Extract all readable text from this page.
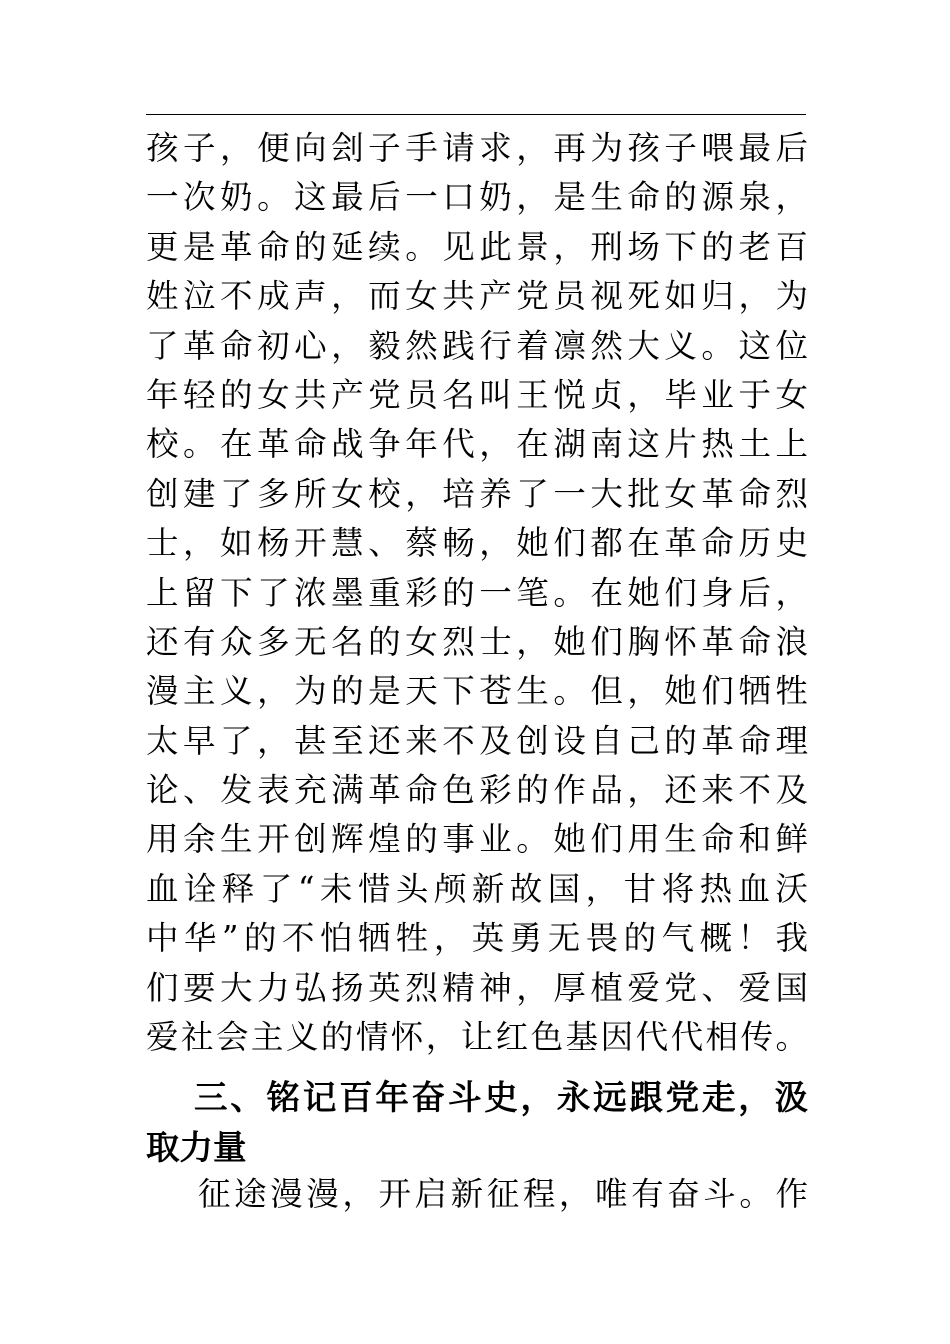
孩子，便向刽子手请求，再为孩子喂最后
一次奶。这最后一口奶，是生命的源泉，
更是革命的延续。见此景，刑场下的老百
姓泣不成声，而女共产党员视死如归，为
了革命初心，毅然践行着凛然大义。这位
年轻的女共产党员名叫王悦贞，毕业于女
校。在革命战争年代，在湖南这片热土上
创建了多所女校，培养了一大批女革命烈
士，如杨开慧、蔡畅，她们都在革命历史
上留下了浓墨重彩的一笔。在她们身后，
还有众多无名的女烈士，她们胸怀革命浪
漫主义，为的是天下苍生。但，她们牺牲
太早了，甚至还来不及创设自己的革命理
论、发表充满革命色彩的作品，还来不及
用余生开创辉煌的事业。她们用生命和鲜
血诠释了“未惜头颅新故国，甘将热血沃
中华”的不怕牺牲，英勇无畏的气概！我
们要大力弘扬英烈精神，厚植爱党、爱国
爱社会主义的情怀，让红色基因代代相传。
三、铭记百年奋斗史，永远跟党走，汲
取力量
征途漫漫，开启新征程，唯有奋斗。作
